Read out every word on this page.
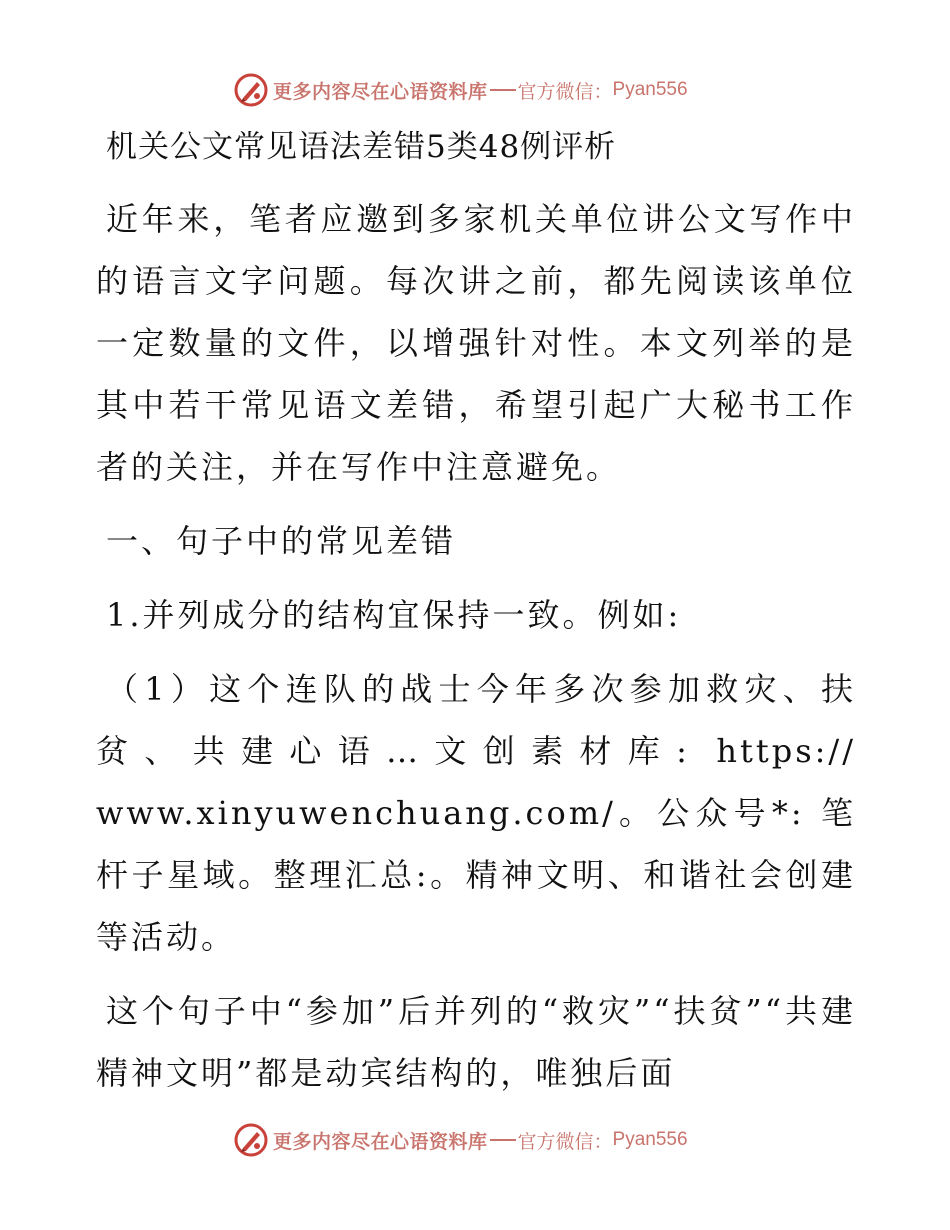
更多内容尽在心语资料库 官方微信： Pyan556
机关公文常见语法差错5类48例评析
近年来，笔者应邀到多家机关单位讲公文写作中的语言文字问题。每次讲之前，都先阅读该单位一定数量的文件，以增强针对性。本文列举的是其中若干常见语文差错，希望引起广大秘书工作者的关注，并在写作中注意避免。
一、句子中的常见差错
1.并列成分的结构宜保持一致。例如:
（1）这个连队的战士今年多次参加救灾、扶贫、共建心语…文创素材库: https:// www.xinyuwenchuang.com/。公众号*: 笔杆子星域。整理汇总:。精神文明、和谐社会创建等活动。
这个句子中“参加”后并列的“救灾”“扶贫”“共建精神文明”都是动宾结构的，唯独后面
更多内容尽在心语资料库 官方微信： Pyan556
